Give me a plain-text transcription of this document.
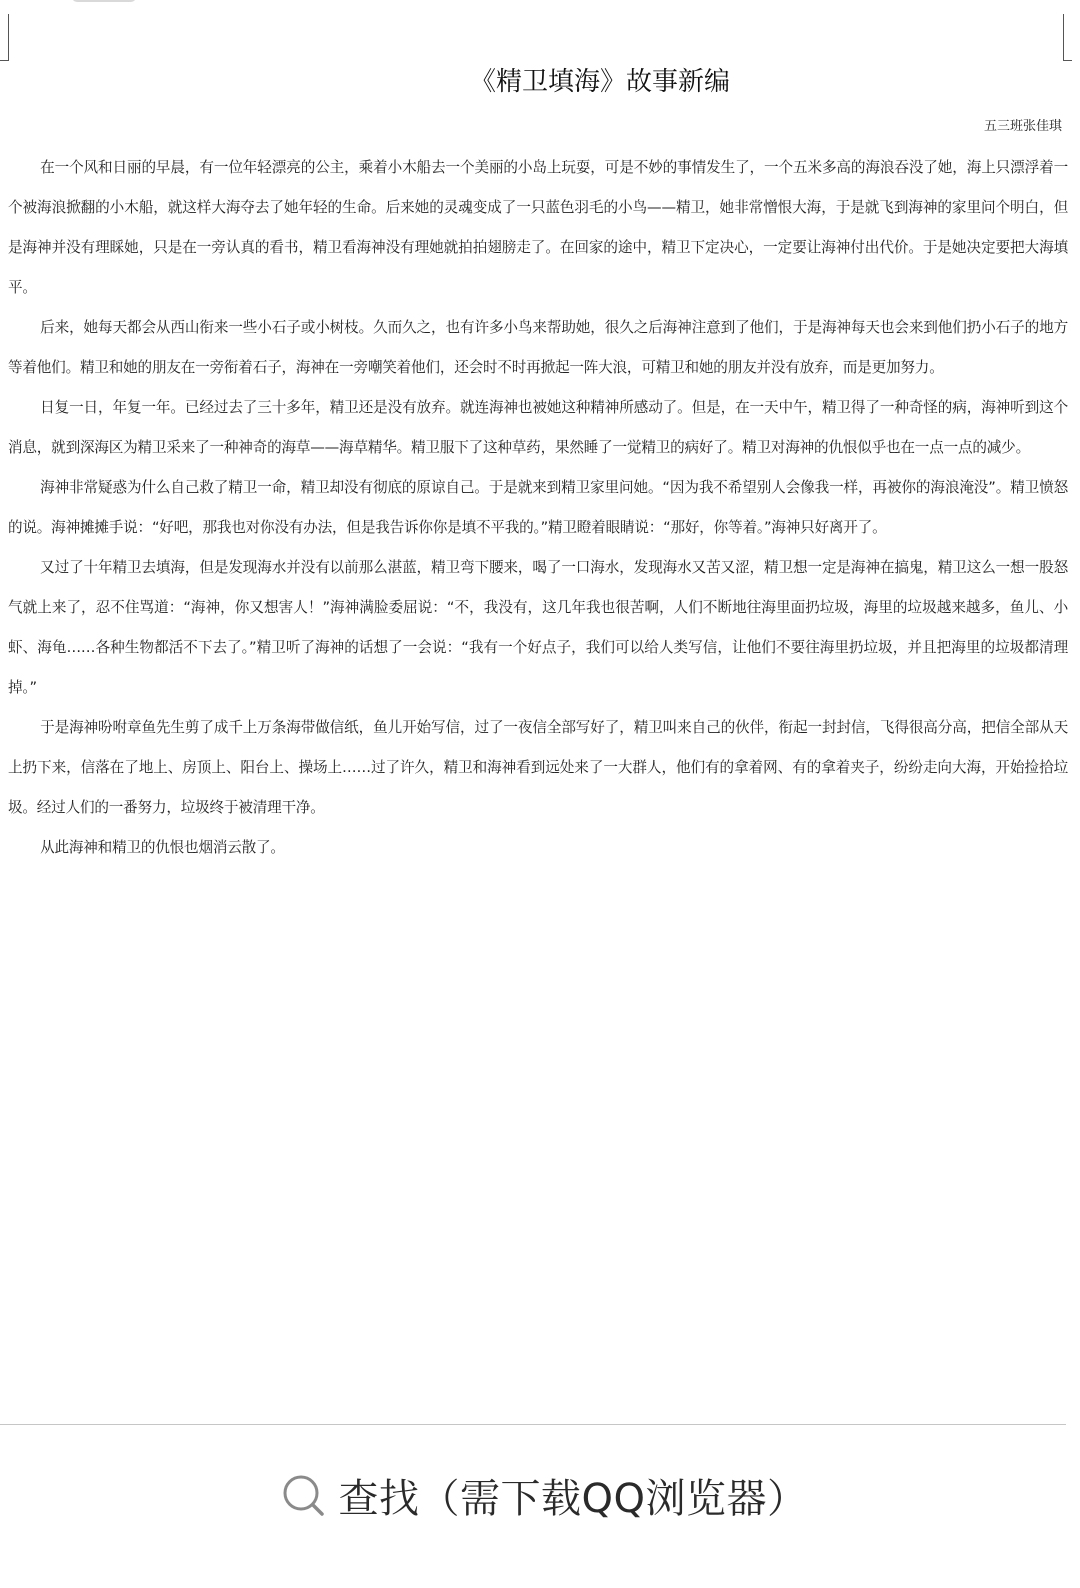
《精卫填海》故事新编
五三班张佳琪

在一个风和日丽的早晨，有一位年轻漂亮的公主，乘着小木船去一个美丽的小岛上玩耍，可是不妙的事情发生了，一个五米多高的海浪吞没了她，海上只漂浮着一个被海浪掀翻的小木船，就这样大海夺去了她年轻的生命。后来她的灵魂变成了一只蓝色羽毛的小鸟——精卫，她非常憎恨大海，于是就飞到海神的家里问个明白，但是海神并没有理睬她，只是在一旁认真的看书，精卫看海神没有理她就拍拍翅膀走了。在回家的途中，精卫下定决心，一定要让海神付出代价。于是她决定要把大海填平。

后来，她每天都会从西山衔来一些小石子或小树枝。久而久之，也有许多小鸟来帮助她，很久之后海神注意到了他们，于是海神每天也会来到他们扔小石子的地方等着他们。精卫和她的朋友在一旁衔着石子，海神在一旁嘲笑着他们，还会时不时再掀起一阵大浪，可精卫和她的朋友并没有放弃，而是更加努力。

日复一日，年复一年。已经过去了三十多年，精卫还是没有放弃。就连海神也被她这种精神所感动了。但是，在一天中午，精卫得了一种奇怪的病，海神听到这个消息，就到深海区为精卫采来了一种神奇的海草——海草精华。精卫服下了这种草药，果然睡了一觉精卫的病好了。精卫对海神的仇恨似乎也在一点一点的减少。

海神非常疑惑为什么自己救了精卫一命，精卫却没有彻底的原谅自己。于是就来到精卫家里问她。“因为我不希望别人会像我一样，再被你的海浪淹没”。精卫愤怒的说。海神摊摊手说：“好吧，那我也对你没有办法，但是我告诉你你是填不平我的。”精卫瞪着眼睛说：“那好，你等着。”海神只好离开了。

又过了十年精卫去填海，但是发现海水并没有以前那么湛蓝，精卫弯下腰来，喝了一口海水，发现海水又苦又涩，精卫想一定是海神在搞鬼，精卫这么一想一股怒气就上来了，忍不住骂道：“海神，你又想害人！”海神满脸委屈说：“不，我没有，这几年我也很苦啊，人们不断地往海里面扔垃圾，海里的垃圾越来越多，鱼儿、小虾、海龟……各种生物都活不下去了。”精卫听了海神的话想了一会说：“我有一个好点子，我们可以给人类写信，让他们不要往海里扔垃圾，并且把海里的垃圾都清理掉。”

于是海神吩咐章鱼先生剪了成千上万条海带做信纸，鱼儿开始写信，过了一夜信全部写好了，精卫叫来自己的伙伴，衔起一封封信，飞得很高分高，把信全部从天上扔下来，信落在了地上、房顶上、阳台上、操场上……过了许久，精卫和海神看到远处来了一大群人，他们有的拿着网、有的拿着夹子，纷纷走向大海，开始捡拾垃圾。经过人们的一番努力，垃圾终于被清理干净。

从此海神和精卫的仇恨也烟消云散了。

查找（需下载QQ浏览器）
